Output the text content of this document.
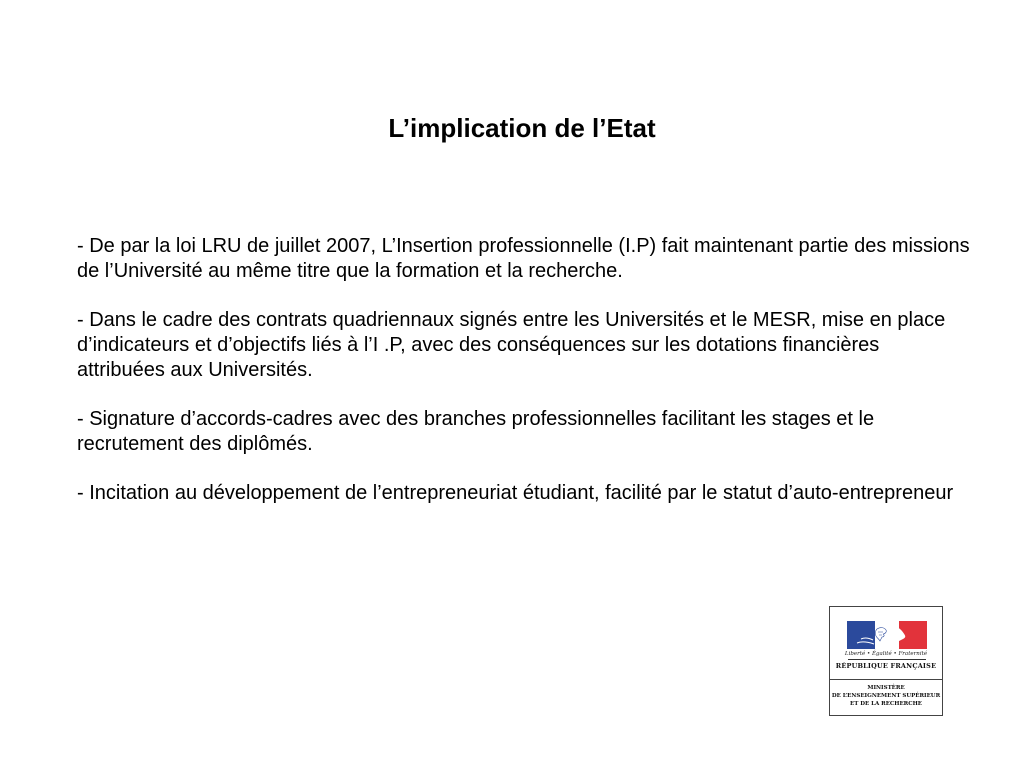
L’implication de l’Etat

- De par la loi LRU de juillet 2007, L’Insertion professionnelle (I.P) fait maintenant partie des missions de l’Université au même titre que la formation et la recherche.

- Dans le cadre des contrats quadriennaux signés entre les Universités et le MESR, mise en place d’indicateurs et d’objectifs liés à l’I .P, avec des conséquences sur les dotations financières attribuées aux Universités.

- Signature d’accords-cadres avec des branches professionnelles facilitant les stages et le recrutement des diplômés.

- Incitation au développement de l’entrepreneuriat étudiant, facilité par le statut d’auto-entrepreneur

Liberté • Égalité • Fraternité
RÉPUBLIQUE FRANÇAISE
MINISTÈRE
DE L’ENSEIGNEMENT SUPÉRIEUR
ET DE LA RECHERCHE
